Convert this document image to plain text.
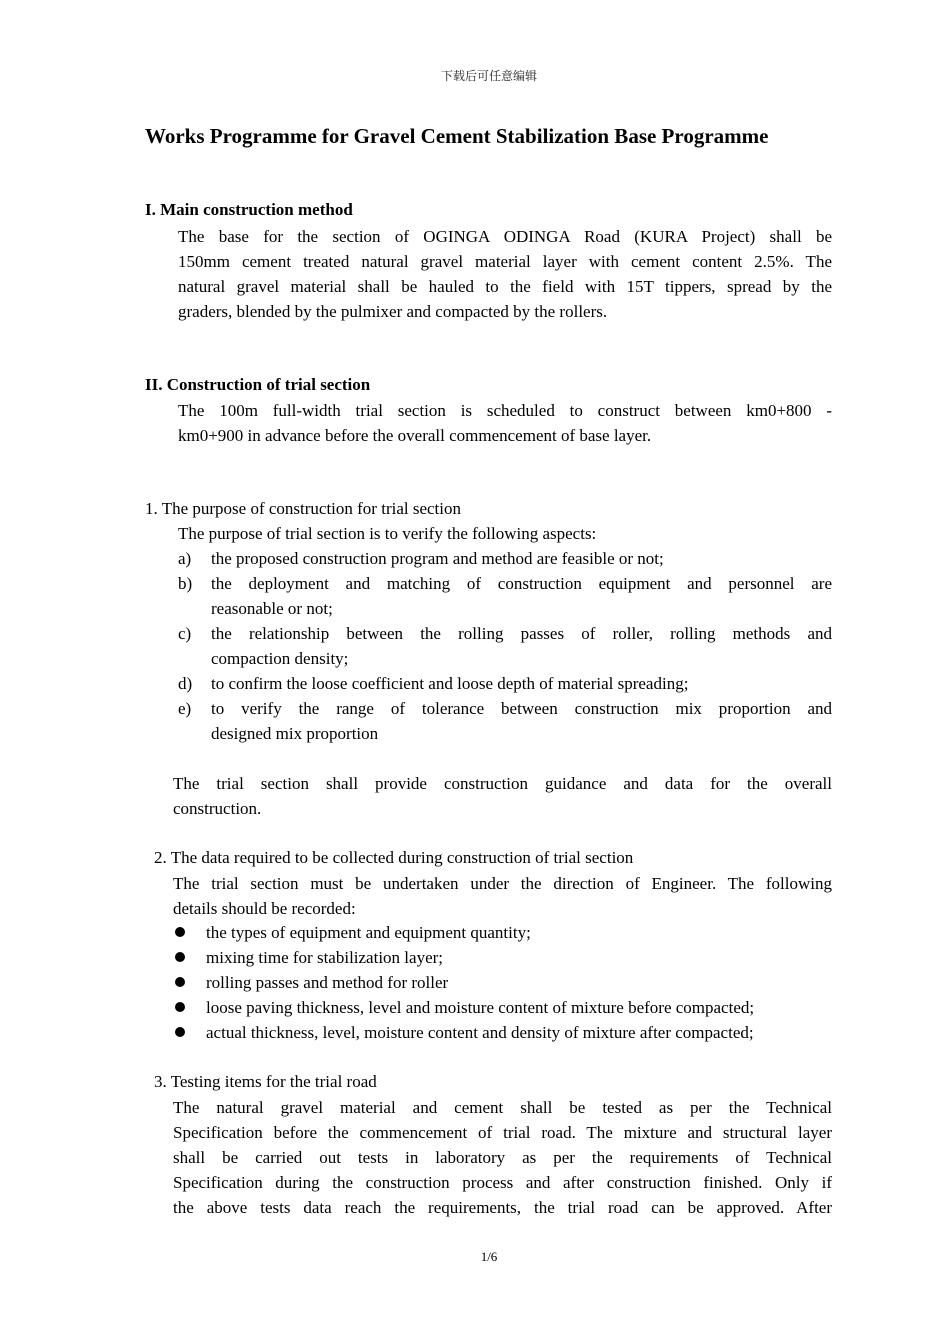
下载后可任意编辑
Works Programme for Gravel Cement Stabilization Base Programme
I. Main construction method
The base for the section of OGINGA ODINGA Road (KURA Project) shall be
150mm cement treated natural gravel material layer with cement content 2.5%. The
natural gravel material shall be hauled to the field with 15T tippers, spread by the
graders, blended by the pulmixer and compacted by the rollers.
II. Construction of trial section
The 100m full-width trial section is scheduled to construct between km0+800 -
km0+900 in advance before the overall commencement of base layer.
1. The purpose of construction for trial section
The purpose of trial section is to verify the following aspects:
a) the proposed construction program and method are feasible or not;
b) the deployment and matching of construction equipment and personnel are
reasonable or not;
c) the relationship between the rolling passes of roller, rolling methods and
compaction density;
d) to confirm the loose coefficient and loose depth of material spreading;
e) to verify the range of tolerance between construction mix proportion and
designed mix proportion
The trial section shall provide construction guidance and data for the overall
construction.
2. The data required to be collected during construction of trial section
The trial section must be undertaken under the direction of Engineer. The following
details should be recorded:
the types of equipment and equipment quantity;
mixing time for stabilization layer;
rolling passes and method for roller
loose paving thickness, level and moisture content of mixture before compacted;
actual thickness, level, moisture content and density of mixture after compacted;
3. Testing items for the trial road
The natural gravel material and cement shall be tested as per the Technical
Specification before the commencement of trial road. The mixture and structural layer
shall be carried out tests in laboratory as per the requirements of Technical
Specification during the construction process and after construction finished. Only if
the above tests data reach the requirements, the trial road can be approved. After
1/6
